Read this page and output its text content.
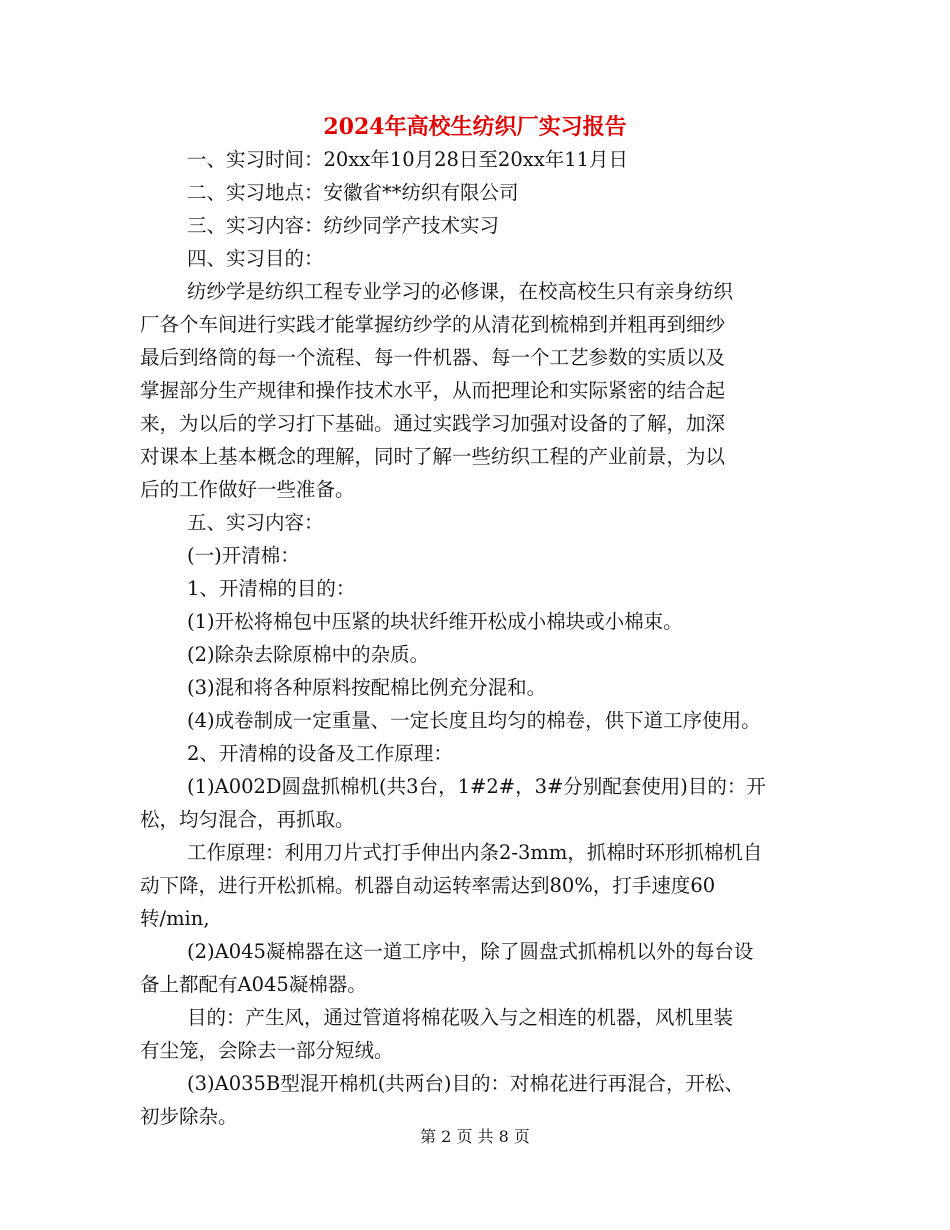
2024年高校生纺织厂实习报告
一、实习时间：20xx年10月28日至20xx年11月日
二、实习地点：安徽省**纺织有限公司
三、实习内容：纺纱同学产技术实习
四、实习目的：
纺纱学是纺织工程专业学习的必修课，在校高校生只有亲身纺织
厂各个车间进行实践才能掌握纺纱学的从清花到梳棉到并粗再到细纱
最后到络筒的每一个流程、每一件机器、每一个工艺参数的实质以及
掌握部分生产规律和操作技术水平，从而把理论和实际紧密的结合起
来，为以后的学习打下基础。通过实践学习加强对设备的了解，加深
对课本上基本概念的理解，同时了解一些纺织工程的产业前景，为以
后的工作做好一些准备。
五、实习内容：
(一)开清棉：
1、开清棉的目的：
(1)开松将棉包中压紧的块状纤维开松成小棉块或小棉束。
(2)除杂去除原棉中的杂质。
(3)混和将各种原料按配棉比例充分混和。
(4)成卷制成一定重量、一定长度且均匀的棉卷，供下道工序使用。
2、开清棉的设备及工作原理：
(1)A002D圆盘抓棉机(共3台，1#2#，3#分别配套使用)目的：开
松，均匀混合，再抓取。
工作原理：利用刀片式打手伸出内条2-3mm，抓棉时环形抓棉机自
动下降，进行开松抓棉。机器自动运转率需达到80%，打手速度60
转/min,
(2)A045凝棉器在这一道工序中，除了圆盘式抓棉机以外的每台设
备上都配有A045凝棉器。
目的：产生风，通过管道将棉花吸入与之相连的机器，风机里装
有尘笼，会除去一部分短绒。
(3)A035B型混开棉机(共两台)目的：对棉花进行再混合，开松、
初步除杂。
第 2 页 共 8 页
